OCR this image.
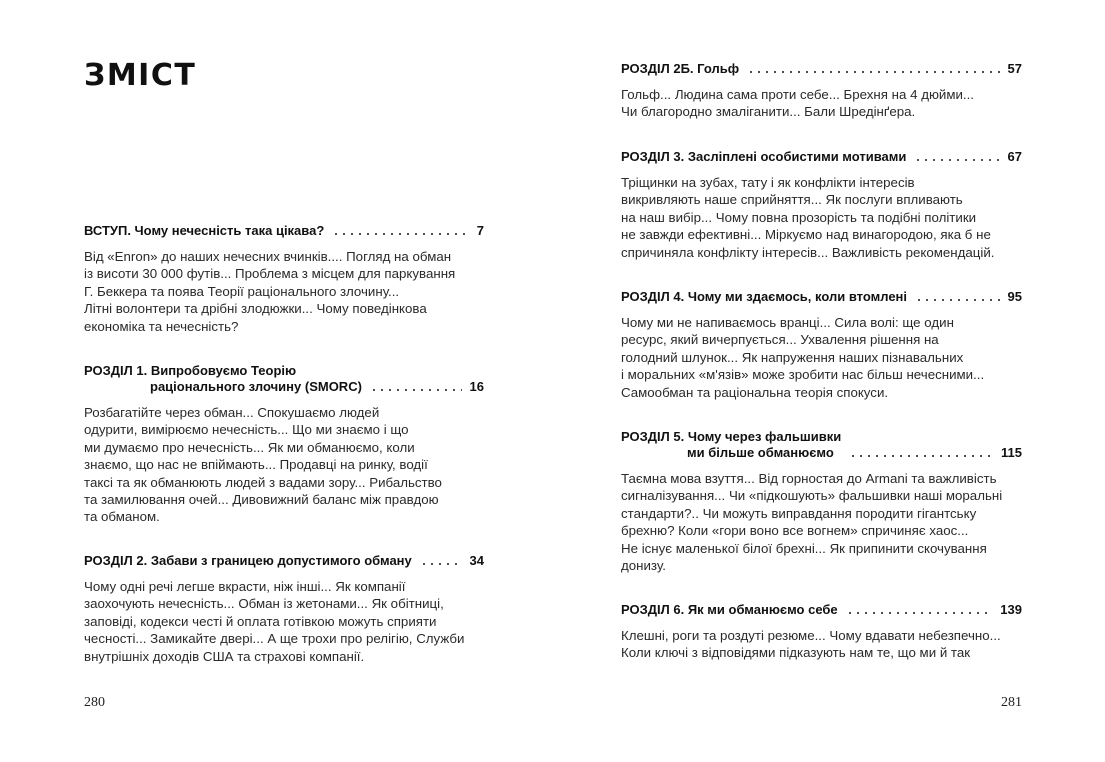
ЗМІСТ
ВСТУП. Чому нечесність така цікава?	7
Від «Enron» до наших нечесних вчинків.... Погляд на обман
із висоти 30 000 футів... Проблема з місцем для паркування
Г. Беккера та поява Теорії раціонального злочину...
Літні волонтери та дрібні злодюжки... Чому поведінкова
економіка та нечесність?
РОЗДІЛ 1. Випробовуємо Теорію
раціонального злочину (SMORC)	16
Розбагатійте через обман... Спокушаємо людей
одурити, вимірюємо нечесність... Що ми знаємо і що
ми думаємо про нечесність... Як ми обманюємо, коли
знаємо, що нас не впіймають... Продавці на ринку, водії
таксі та як обманюють людей з вадами зору... Рибальство
та замилювання очей... Дивовижний баланс між правдою
та обманом.
РОЗДІЛ 2. Забави з границею допустимого обману	34
Чому одні речі легше вкрасти, ніж інші... Як компанії
заохочують нечесність... Обман із жетонами... Як обітниці,
заповіді, кодекси честі й оплата готівкою можуть сприяти
чесності... Замикайте двері... А ще трохи про релігію, Служби
внутрішніх доходів США та страхові компанії.
280
РОЗДІЛ 2Б. Гольф	57
Гольф... Людина сама проти себе... Брехня на 4 дюйми...
Чи благородно змаліганити... Бали Шредінґера.
РОЗДІЛ 3. Засліплені особистими мотивами	67
Тріщинки на зубах, тату і як конфлікти інтересів
викривляють наше сприйняття... Як послуги впливають
на наш вибір... Чому повна прозорість та подібні політики
не завжди ефективні... Міркуємо над винагородою, яка б не
спричиняла конфлікту інтересів... Важливість рекомендацій.
РОЗДІЛ 4. Чому ми здаємось, коли втомлені	95
Чому ми не напиваємось вранці... Сила волі: ще один
ресурс, який вичерпується... Ухвалення рішення на
голодний шлунок... Як напруження наших пізнавальних
і моральних «м'язів» може зробити нас більш нечесними...
Самообман та раціональна теорія спокуси.
РОЗДІЛ 5. Чому через фальшивки
ми більше обманюємо	115
Таємна мова взуття... Від горностая до Armani та важливість
сигналізування... Чи «підкошують» фальшивки наші моральні
стандарти?.. Чи можуть виправдання породити гігантську
брехню? Коли «гори воно все вогнем» спричиняє хаос...
Не існує маленької білої брехні... Як припинити скочування
донизу.
РОЗДІЛ 6. Як ми обманюємо себе	139
Клешні, роги та роздуті резюме... Чому вдавати небезпечно...
Коли ключі з відповідями підказують нам те, що ми й так
281
